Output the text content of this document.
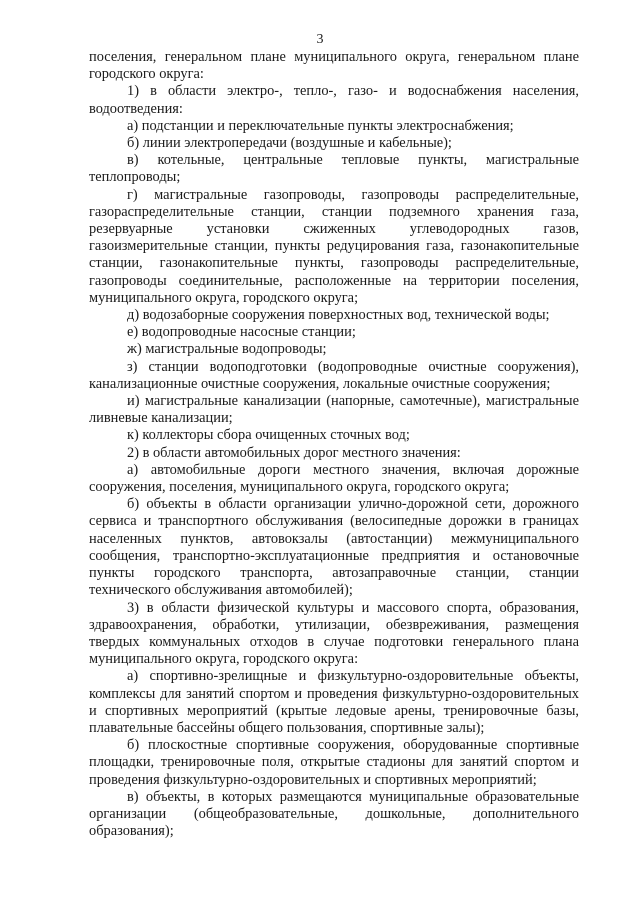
3

поселения, генеральном плане муниципального округа, генеральном плане городского округа:

1) в области электро-, тепло-, газо- и водоснабжения населения, водоотведения:

а) подстанции и переключательные пункты электроснабжения;

б) линии электропередачи (воздушные и кабельные);

в) котельные, центральные тепловые пункты, магистральные теплопроводы;

г) магистральные газопроводы, газопроводы распределительные, газораспределительные станции, станции подземного хранения газа, резервуарные установки сжиженных углеводородных газов, газоизмерительные станции, пункты редуцирования газа, газонакопительные станции, газонакопительные пункты, газопроводы распределительные, газопроводы соединительные, расположенные на территории поселения, муниципального округа, городского округа;

д) водозаборные сооружения поверхностных вод, технической воды;

е) водопроводные насосные станции;

ж) магистральные водопроводы;

з) станции водоподготовки (водопроводные очистные сооружения), канализационные очистные сооружения, локальные очистные сооружения;

и) магистральные канализации (напорные, самотечные), магистральные ливневые канализации;

к) коллекторы сбора очищенных сточных вод;

2) в области автомобильных дорог местного значения:

а) автомобильные дороги местного значения, включая дорожные сооружения, поселения, муниципального округа, городского округа;

б) объекты в области организации улично-дорожной сети, дорожного сервиса и транспортного обслуживания (велосипедные дорожки в границах населенных пунктов, автовокзалы (автостанции) межмуниципального сообщения, транспортно-эксплуатационные предприятия и остановочные пункты городского транспорта, автозаправочные станции, станции технического обслуживания автомобилей);

3) в области физической культуры и массового спорта, образования, здравоохранения, обработки, утилизации, обезвреживания, размещения твердых коммунальных отходов в случае подготовки генерального плана муниципального округа, городского округа:

а) спортивно-зрелищные и физкультурно-оздоровительные объекты, комплексы для занятий спортом и проведения физкультурно-оздоровительных и спортивных мероприятий (крытые ледовые арены, тренировочные базы, плавательные бассейны общего пользования, спортивные залы);

б) плоскостные спортивные сооружения, оборудованные спортивные площадки, тренировочные поля, открытые стадионы для занятий спортом и проведения физкультурно-оздоровительных и спортивных мероприятий;

в) объекты, в которых размещаются муниципальные образовательные организации (общеобразовательные, дошкольные, дополнительного образования);
